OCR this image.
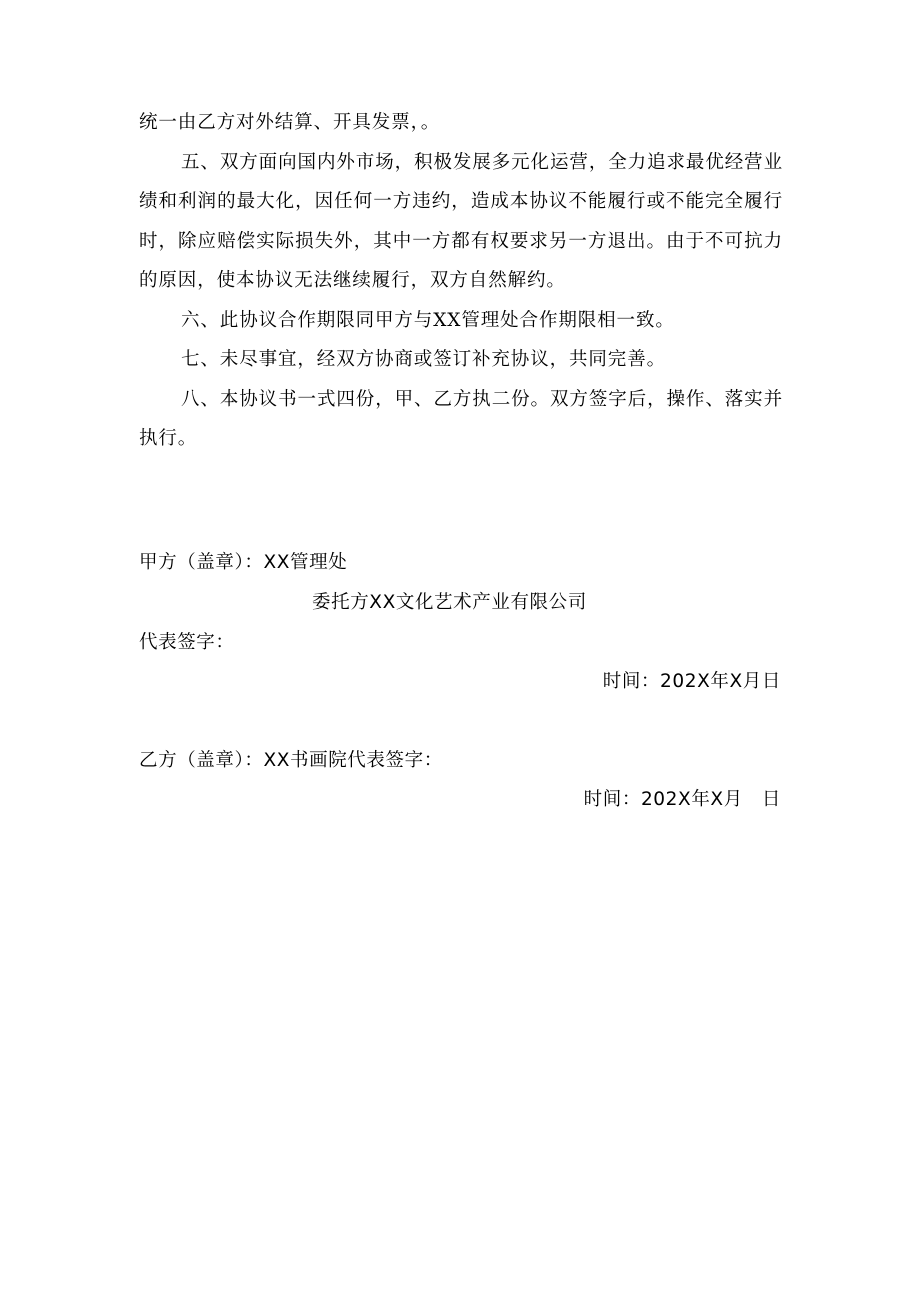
统一由乙方对外结算、开具发票，。

五、双方面向国内外市场，积极发展多元化运营，全力追求最优经营业绩和利润的最大化，因任何一方违约，造成本协议不能履行或不能完全履行时，除应赔偿实际损失外，其中一方都有权要求另一方退出。由于不可抗力的原因，使本协议无法继续履行，双方自然解约。

六、此协议合作期限同甲方与XX管理处合作期限相一致。

七、未尽事宜，经双方协商或签订补充协议，共同完善。

八、本协议书一式四份，甲、乙方执二份。双方签字后，操作、落实并执行。

甲方（盖章）：XX管理处
委托方XX文化艺术产业有限公司
代表签字：
时间：202X年X月日
乙方（盖章）：XX书画院代表签字：
时间：202X年X月　日
